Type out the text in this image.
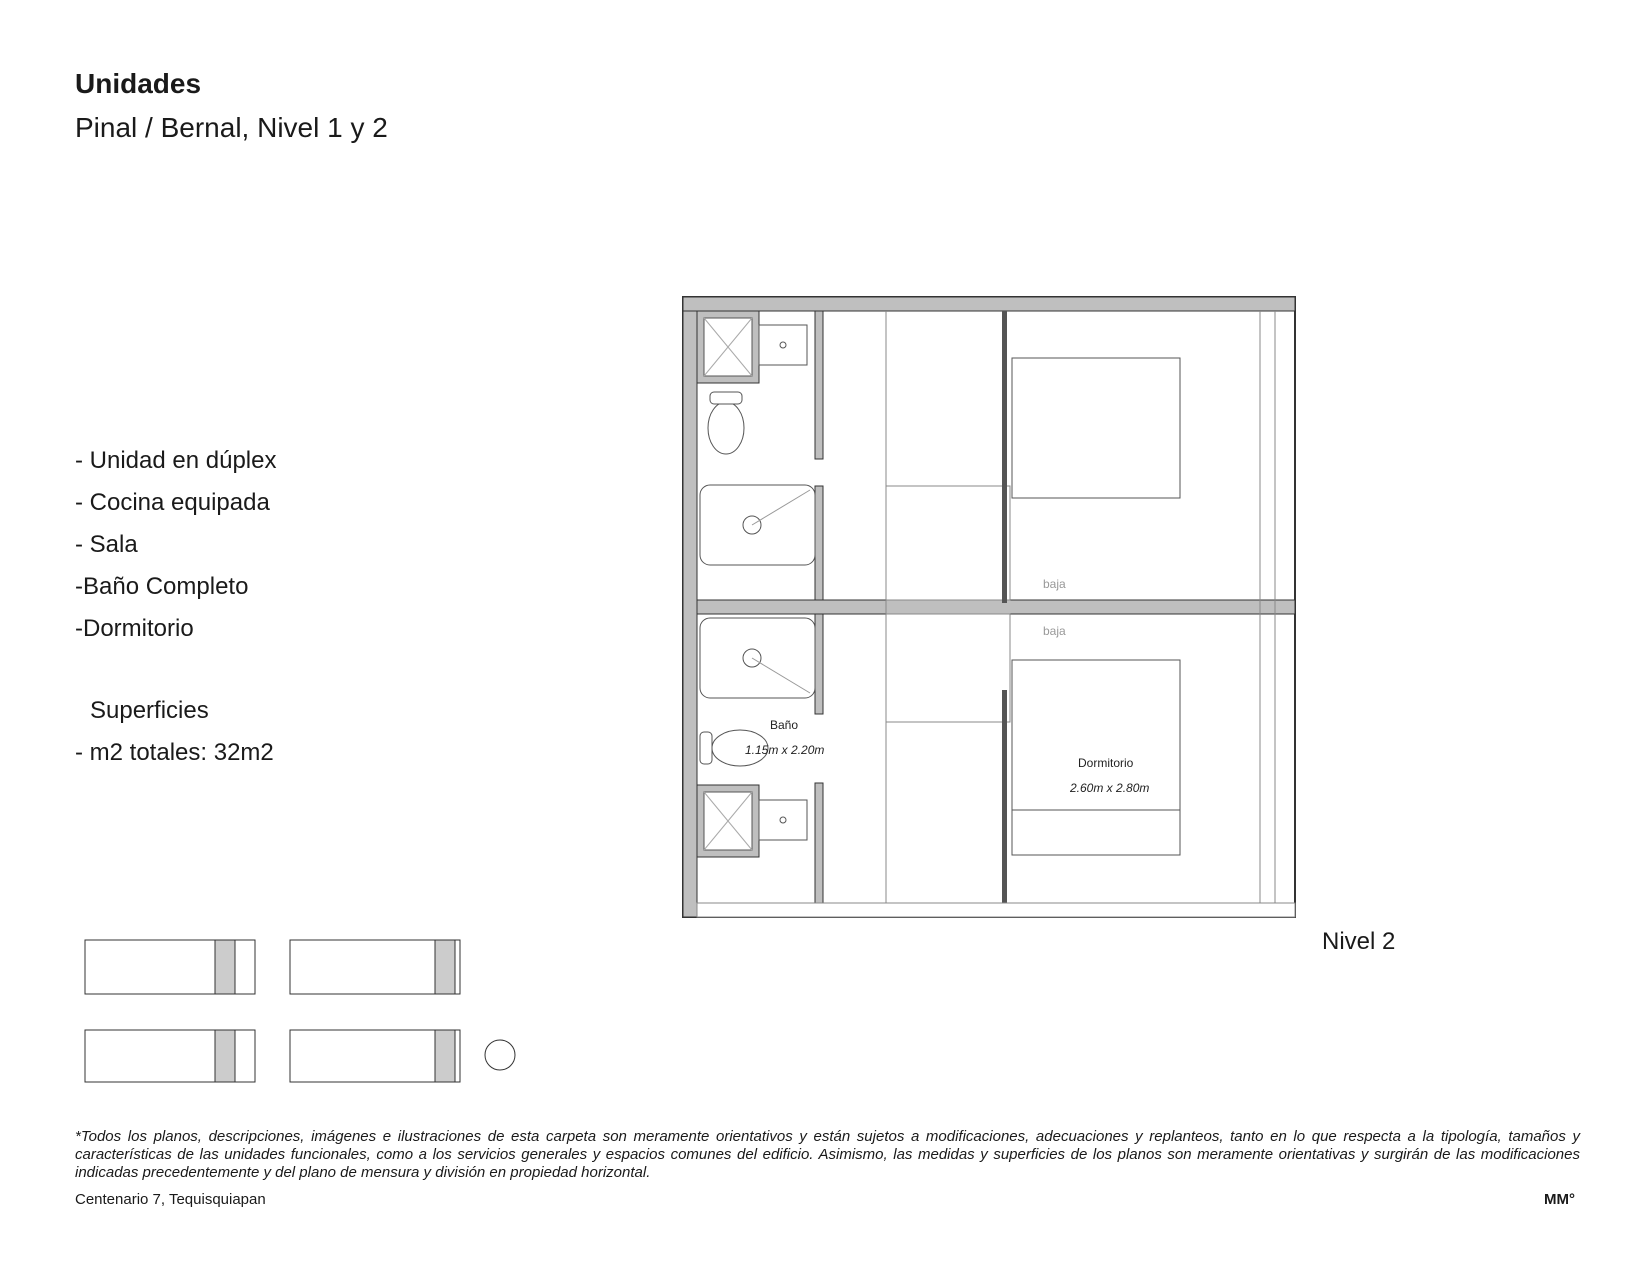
Unidades
Pinal / Bernal, Nivel 1 y 2
- Unidad en dúplex
- Cocina equipada
- Sala
-Baño Completo
-Dormitorio
Superficies
- m2 totales: 32m2
Baño
1.15m x 2.20m
Dormitorio
2.60m x 2.80m
baja
baja
Nivel 2
*Todos los planos, descripciones, imágenes e ilustraciones de esta carpeta son meramente orientativos y están sujetos a modificaciones, adecuaciones y replanteos, tanto en lo que respecta a la tipología, tamaños y características de las unidades funcionales, como a los servicios generales y espacios comunes del edificio. Asimismo, las medidas y superficies de los planos son meramente orientativas y surgirán de las modificaciones indicadas precedentemente y del plano de mensura y división en propiedad horizontal.
Centenario 7, Tequisquiapan	MM°
